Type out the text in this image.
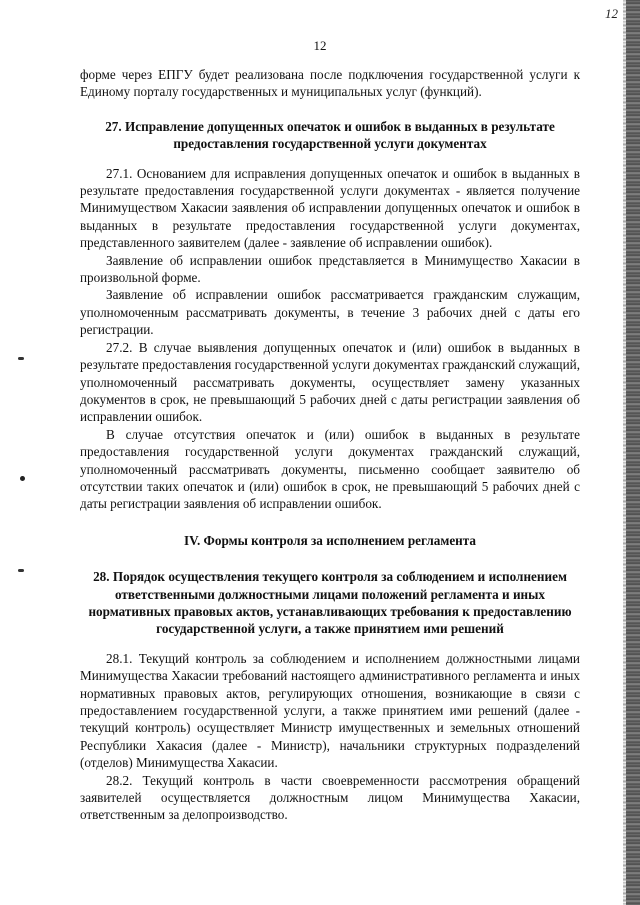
12
12

форме через ЕПГУ будет реализована после подключения государственной услуги к Единому порталу государственных и муниципальных услуг (функций).

27. Исправление допущенных опечаток и ошибок в выданных в результате предоставления государственной услуги документах

27.1. Основанием для исправления допущенных опечаток и ошибок в выданных в результате предоставления государственной услуги документах - является получение Минимуществом Хакасии заявления об исправлении допущенных опечаток и ошибок в выданных в результате предоставления государственной услуги документах, представленного заявителем (далее - заявление об исправлении ошибок).

Заявление об исправлении ошибок представляется в Минимущество Хакасии в произвольной форме.

Заявление об исправлении ошибок рассматривается гражданским служащим, уполномоченным рассматривать документы, в течение 3 рабочих дней с даты его регистрации.

27.2. В случае выявления допущенных опечаток и (или) ошибок в выданных в результате предоставления государственной услуги документах гражданский служащий, уполномоченный рассматривать документы, осуществляет замену указанных документов в срок, не превышающий 5 рабочих дней с даты регистрации заявления об исправлении ошибок.

В случае отсутствия опечаток и (или) ошибок в выданных в результате предоставления государственной услуги документах гражданский служащий, уполномоченный рассматривать документы, письменно сообщает заявителю об отсутствии таких опечаток и (или) ошибок в срок, не превышающий 5 рабочих дней с даты регистрации заявления об исправлении ошибок.

IV. Формы контроля за исполнением регламента
28. Порядок осуществления текущего контроля за соблюдением и исполнением ответственными должностными лицами положений регламента и иных нормативных правовых актов, устанавливающих требования к предоставлению государственной услуги, а также принятием ими решений

28.1. Текущий контроль за соблюдением и исполнением должностными лицами Минимущества Хакасии требований настоящего административного регламента и иных нормативных правовых актов, регулирующих отношения, возникающие в связи с предоставлением государственной услуги, а также принятием ими решений (далее - текущий контроль) осуществляет Министр имущественных и земельных отношений Республики Хакасия (далее - Министр), начальники структурных подразделений (отделов) Минимущества Хакасии.

28.2. Текущий контроль в части своевременности рассмотрения обращений заявителей осуществляется должностным лицом Минимущества Хакасии, ответственным за делопроизводство.
